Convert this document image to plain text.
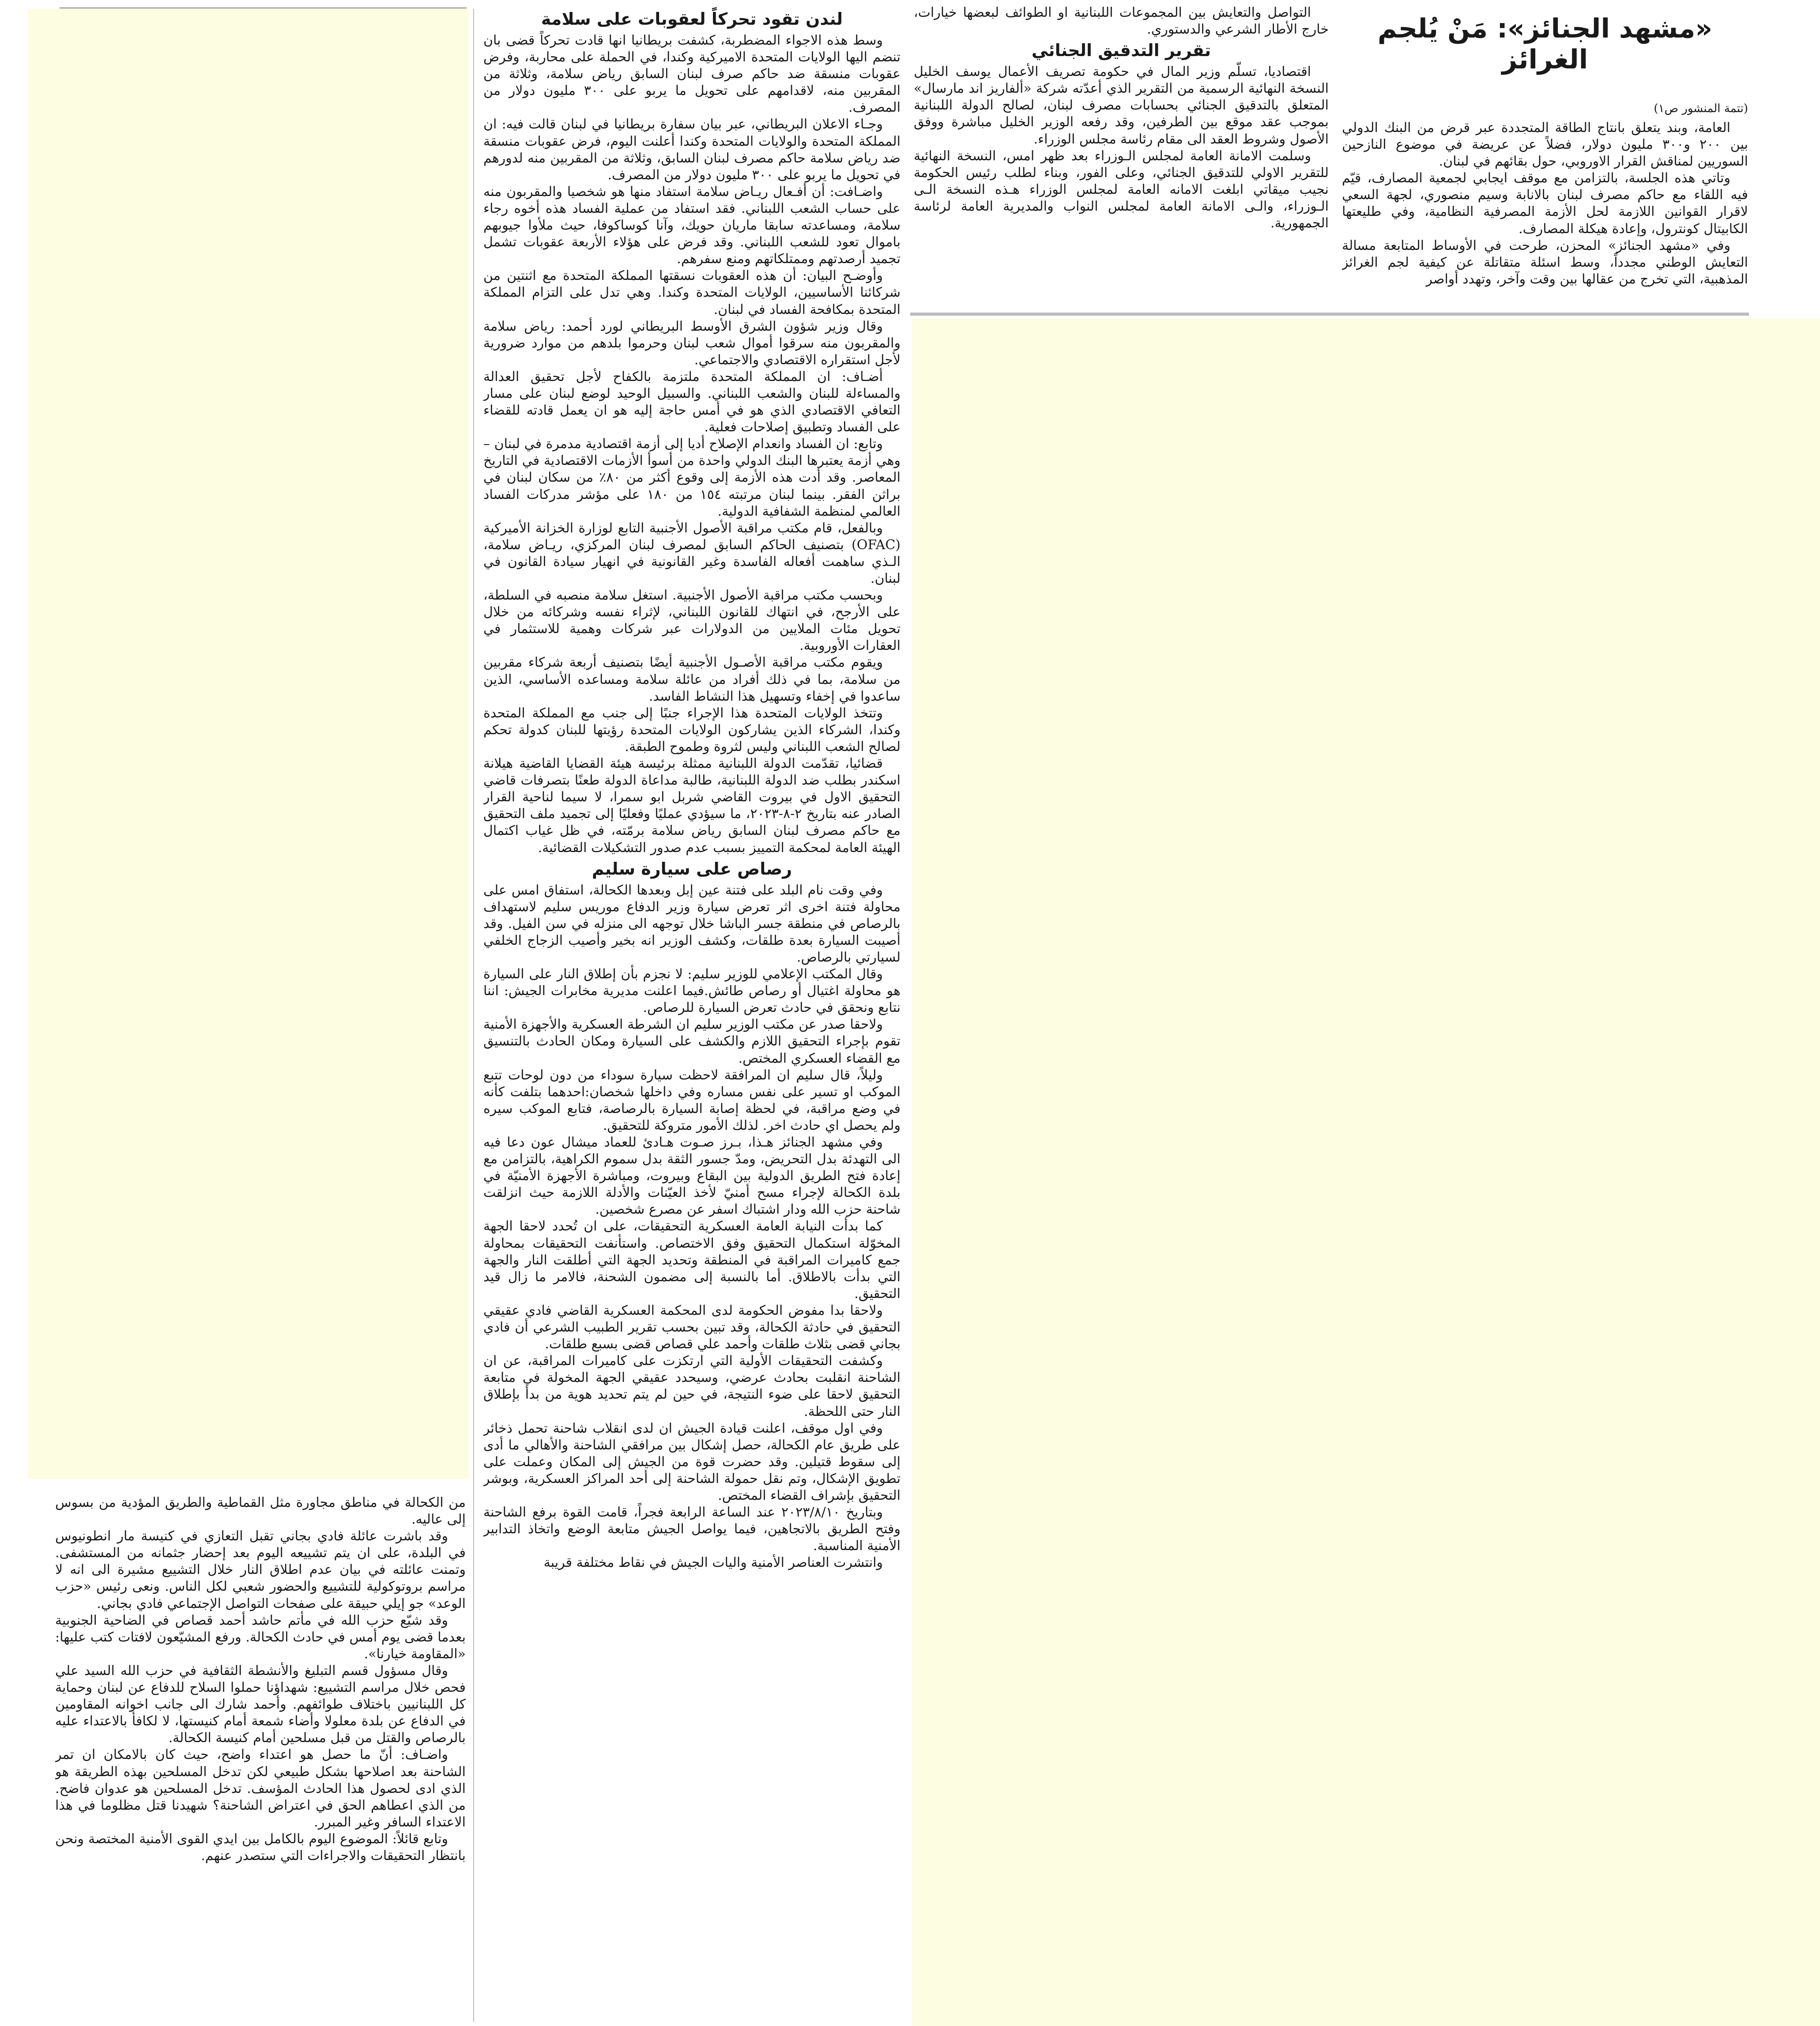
«مشهد الجنائز»: مَنْ يُلجم الغرائز

(تتمة المنشور ص١)

العامة، وبند يتعلق بانتاج الطاقة المتجددة عبر قرض من البنك الدولي بين ٢٠٠ و٣٠٠ مليون دولار، فضلاً عن عريضة في موضوع النازحين السوريين لمناقش القرار الاوروبي، حول بقائهم في لبنان.

وتاتي هذه الجلسة، بالتزامن مع موقف ايجابي لجمعية المصارف، قيّم فيه اللقاء مع حاكم مصرف لبنان بالانابة وسيم منصوري، لجهة السعي لاقرار القوانين اللازمة لحل الأزمة المصرفية النظامية، وفي طليعتها الكابيتال كونترول، وإعادة هيكلة المصارف.

وفي «مشهد الجنائز» المحزن، طرحت في الأوساط المتابعة مسالة التعايش الوطني مجدداً، وسط اسئلة متقاتلة عن كيفية لجم الغرائز المذهبية، التي تخرج من عقالها بين وقت وآخر، وتهدد أواصر

التواصل والتعايش بين المجموعات اللبنانية او الطوائف لبعضها خيارات، خارج الأطار الشرعي والدستوري.

تقرير التدقيق الجنائي

اقتصاديا، تسلّم وزير المال في حكومة تصريف الأعمال يوسف الخليل النسخة النهائية الرسمية من التقرير الذي أعدّته شركة «ألفاريز اند مارسال» المتعلق بالتدقيق الجنائي بحسابات مصرف لبنان، لصالح الدولة اللبنانية بموجب عقد موقع بين الطرفين، وقد رفعه الوزير الخليل مباشرة ووفق الأصول وشروط العقد الى مقام رئاسة مجلس الوزراء.

وسلمت الامانة العامة لمجلس الـوزراء بعد ظهر امس، النسخة النهائية للتقرير الاولي للتدقيق الجنائي، وعلى الفور، وبناء لطلب رئيس الحكومة نجيب ميقاتي ابلغت الامانه العامة لمجلس الوزراء هـذه النسخة الـى الـوزراء، والـى الامانة العامة لمجلس النواب والمديرية العامة لرئاسة الجمهورية.

لندن تقود تحركاً لعقوبات على سلامة

وسط هذه الاجواء المضطربة، كشفت بريطانيا انها قادت تحركاً قضى بان تنضم اليها الولايات المتحدة الاميركية وكندا، في الحملة على محاربة، وفرض عقوبات منسقة ضد حاكم صرف لبنان السابق رياض سلامة، وثلاثة من المقربين منه، لاقدامهم على تحويل ما يربو على ٣٠٠ مليون دولار من المصرف.

وجـاء الاعلان البريطاني، عبر بيان سفارة بريطانيا في لبنان قالت فيه: ان المملكة المتحدة والولايات المتحدة وكندا أعلنت اليوم، فرض عقوبات منسقة ضد رياض سلامة حاكم مصرف لبنان السابق، وثلاثة من المقربين منه لدورهم في تحويل ما يربو على ٣٠٠ مليون دولار من المصرف.

واضـافت: أن أفـعال ريـاض سلامة استفاد منها هو شخصيا والمقربون منه على حساب الشعب اللبناني. فقد استفاد من عملية الفساد هذه أخوه رجاء سلامة، ومساعدته سابقا ماريان حويك، وآنا كوساكوفا، حيث ملأوا جيوبهم باموال تعود للشعب اللبناني. وقد فرض على هؤلاء الأربعة عقوبات تشمل تجميد أرصدتهم وممتلكاتهم ومنع سفرهم.

وأوضـح البيان: أن هذه العقوبات نسقتها المملكة المتحدة مع اثنتين من شركائنا الأساسيين، الولايات المتحدة وكندا. وهي تدل على التزام المملكة المتحدة بمكافحة الفساد في لبنان.

وقال وزير شؤون الشرق الأوسط البريطاني لورد أحمد: رياض سلامة والمقربون منه سرقوا أموال شعب لبنان وحرموا بلدهم من موارد ضرورية لأجل استقراره الاقتصادي والاجتماعي.

أضـاف: ان المملكة المتحدة ملتزمة بالكفاح لأجل تحقيق العدالة والمساءلة للبنان والشعب اللبناني. والسبيل الوحيد لوضع لبنان على مسار التعافي الاقتصادي الذي هو في أمس حاجة إليه هو ان يعمل قادته للقضاء على الفساد وتطبيق إصلاحات فعلية.

وتابع: ان الفساد وانعدام الإصلاح أديا إلى أزمة اقتصادية مدمرة في لبنان – وهي أزمة يعتبرها البنك الدولي واحدة من أسوأ الأزمات الاقتصادية في التاريخ المعاصر. وقد أدت هذه الأزمة إلى وقوع أكثر من ٨٠٪ من سكان لبنان في براثن الفقر. بينما لبنان مرتبته ١٥٤ من ١٨٠ على مؤشر مدركات الفساد العالمي لمنظمة الشفافية الدولية.

وبالفعل، قام مكتب مراقبة الأصول الأجنبية التابع لوزارة الخزانة الأميركية (OFAC) بتصنيف الحاكم السابق لمصرف لبنان المركزي، ريـاض سلامة، الـذي ساهمت أفعاله الفاسدة وغير القانونية في انهيار سيادة القانون في لبنان.

وبحسب مكتب مراقبة الأصول الأجنبية. استغل سلامة منصبه في السلطة، على الأرجح، في انتهاك للقانون اللبناني، لإثراء نفسه وشركائه من خلال تحويل مئات الملايين من الدولارات عبر شركات وهمية للاستثمار في العقارات الأوروبية.

ويقوم مكتب مراقبة الأصـول الأجنبية أيضًا بتصنيف أربعة شركاء مقربين من سلامة، بما في ذلك أفراد من عائلة سلامة ومساعده الأساسي، الذين ساعدوا في إخفاء وتسهيل هذا النشاط الفاسد.

وتتخذ الولايات المتحدة هذا الإجراء جنبًا إلى جنب مع المملكة المتحدة وكندا، الشركاء الذين يشاركون الولايات المتحدة رؤيتها للبنان كدولة تحكم لصالح الشعب اللبناني وليس لثروة وطموح الطبقة.

قضائيا، تقدّمت الدولة اللبنانية ممثلة برئيسة هيئة القضايا القاضية هيلانة اسكندر بطلب ضد الدولة اللبنانية، طالبة مداعاة الدولة طعنًا بتصرفات قاضي التحقيق الاول في بيروت القاضي شربل ابو سمرا، لا سيما لناحية القرار الصادر عنه بتاريخ ٢-٨-٢٠٢٣، ما سيؤدي عمليًا وفعليًا إلى تجميد ملف التحقيق مع حاكم مصرف لبنان السابق رياض سلامة برمّته، في ظل غياب اكتمال الهيئة العامة لمحكمة التمييز بسبب عدم صدور التشكيلات القضائية.

رصاص على سيارة سليم

وفي وقت نام البلد على فتنة عين إبل وبعدها الكحالة، استفاق امس على محاولة فتنة اخرى اثر تعرض سيارة وزير الدفاع موريس سليم لاستهداف بالرصاص في منطقة جسر الباشا خلال توجهه الى منزله في سن الفيل. وقد أصيبت السيارة بعدة طلقات، وكشف الوزير انه بخير وأصيب الزجاج الخلفي لسيارتي بالرصاص.

وقال المكتب الإعلامي للوزير سليم: لا نجزم بأن إطلاق النار على السيارة هو محاولة اغتيال أو رصاص طائش.فيما اعلنت مديرية مخابرات الجيش: اننا نتابع ونحقق في حادث تعرض السيارة للرصاص.

ولاحقا صدر عن مكتب الوزير سليم ان الشرطة العسكرية والأجهزة الأمنية تقوم بإجراء التحقيق اللازم والكشف على السيارة ومكان الحادث بالتنسيق مع القضاء العسكري المختص.

وليلاً، قال سليم ان المرافقة لاحظت سيارة سوداء من دون لوحات تتبع الموكب او تسير على نفس مساره وفي داخلها شخصان:احدهما بتلفت كأنه في وضع مراقبة، في لحظة إصابة السيارة بالرصاصة، فتابع الموكب سيره ولم يحصل اي حادث اخر. لذلك الأمور متروكة للتحقيق.

وفي مشهد الجنائز هـذا، بـرز صـوت هـادئ للعماد ميشال عون دعا فيه الى التهدئة بدل التحريض، ومدّ جسور الثقة بدل سموم الكراهية، بالتزامن مع إعادة فتح الطريق الدولية بين البقاع وبيروت، ومباشرة الأجهزة الأمنيّة في بلدة الكحالة لإجراء مسح أمنيّ لأخذ العيّنات والأدلة اللازمة حيث انزلقت شاحنة حزب الله ودار اشتباك اسفر عن مصرع شخصين.

كما بدأت النيابة العامة العسكرية التحقيقات، على ان تُحدد لاحقا الجهة المخوّلة استكمال التحقيق وفق الاختصاص. واستأنفت التحقيقات بمحاولة جمع كاميرات المراقبة في المنطقة وتحديد الجهة التي أطلقت النار والجهة التي بدأت بالاطلاق. أما بالنسبة إلى مضمون الشحنة، فالامر ما زال قيد التحقيق.

ولاحقا بدا مفوض الحكومة لدى المحكمة العسكرية القاضي فادي عقيقي التحقيق في حادثة الكحالة، وقد تبين بحسب تقرير الطبيب الشرعي أن فادي بجاني قضى بثلاث طلقات وأحمد علي قصاص قضى بسبع طلقات.

وكشفت التحقيقات الأولية التي ارتكزت على كاميرات المراقبة، عن ان الشاحنة انقلبت بحادث عرضي، وسيحدد عقيقي الجهة المخولة في متابعة التحقيق لاحقا على ضوء النتيجة، في حين لم يتم تحديد هوية من بدأ بإطلاق النار حتى اللحظة.

وفي اول موقف، اعلنت قيادة الجيش ان لدى انقلاب شاحنة تحمل ذخائر على طريق عام الكحالة، حصل إشكال بين مرافقي الشاحنة والأهالي ما أدى إلى سقوط قتيلين. وقد حضرت قوة من الجيش إلى المكان وعملت على تطويق الإشكال، وتم نقل حمولة الشاحنة إلى أحد المراكز العسكرية، وبوشر التحقيق بإشراف القضاء المختص.

وبتاريخ ٢٠٢٣/٨/١٠ عند الساعة الرابعة فجراً، قامت القوة برفع الشاحنة وفتح الطريق بالاتجاهين، فيما يواصل الجيش متابعة الوضع واتخاذ التدابير الأمنية المناسبة.

وانتشرت العناصر الأمنية واليات الجيش في نقاط مختلفة قريبة

من الكحالة في مناطق مجاورة مثل القماطية والطريق المؤدية من بسوس إلى عاليه.

وقد باشرت عائلة فادي بجاني تقبل التعازي في كنيسة مار انطونيوس في البلدة، على ان يتم تشييعه اليوم بعد إحضار جثمانه من المستشفى. وتمنت عائلته في بيان عدم اطلاق النار خلال التشييع مشيرة الى انه لا مراسم بروتوكولية للتشييع والحضور شعبي لكل الناس. ونعى رئيس «حزب الوعد» جو إيلي حبيقة على صفحات التواصل الإجتماعي فادي بجاني.

وقد شيّع حزب الله في مأتم حاشد أحمد قصاص في الضاحية الجنوبية بعدما قضى يوم أمس في حادث الكحالة. ورفع المشيّعون لافتات كتب عليها: «المقاومة خيارنا».

وقال مسؤول قسم التبليغ والأنشطة الثقافية في حزب الله السيد علي فحص خلال مراسم التشييع: شهداؤنا حملوا السلاح للدفاع عن لبنان وحماية كل اللبنانيين باختلاف طوائفهم. وأحمد شارك الى جانب اخوانه المقاومين في الدفاع عن بلدة معلولا وأضاء شمعة أمام كنيستها، لا لكافأ بالاعتداء عليه بالرصاص والقتل من قبل مسلحين أمام كنيسة الكحالة.

واضـاف: أنّ ما حصل هو اعتداء واضح، حيث كان بالامكان ان تمر الشاحنة بعد اصلاحها بشكل طبيعي لكن تدخل المسلحين بهذه الطريقة هو الذي ادى لحصول هذا الحادث المؤسف. تدخل المسلحين هو عدوان فاضح. من الذي اعطاهم الحق في اعتراض الشاحنة؟ شهيدنا قتل مظلوما في هذا الاعتداء السافر وغير المبرر.

وتابع قائلاً: الموضوع اليوم بالكامل بين ايدي القوى الأمنية المختصة ونحن بانتظار التحقيقات والاجراءات التي ستصدر عنهم.
